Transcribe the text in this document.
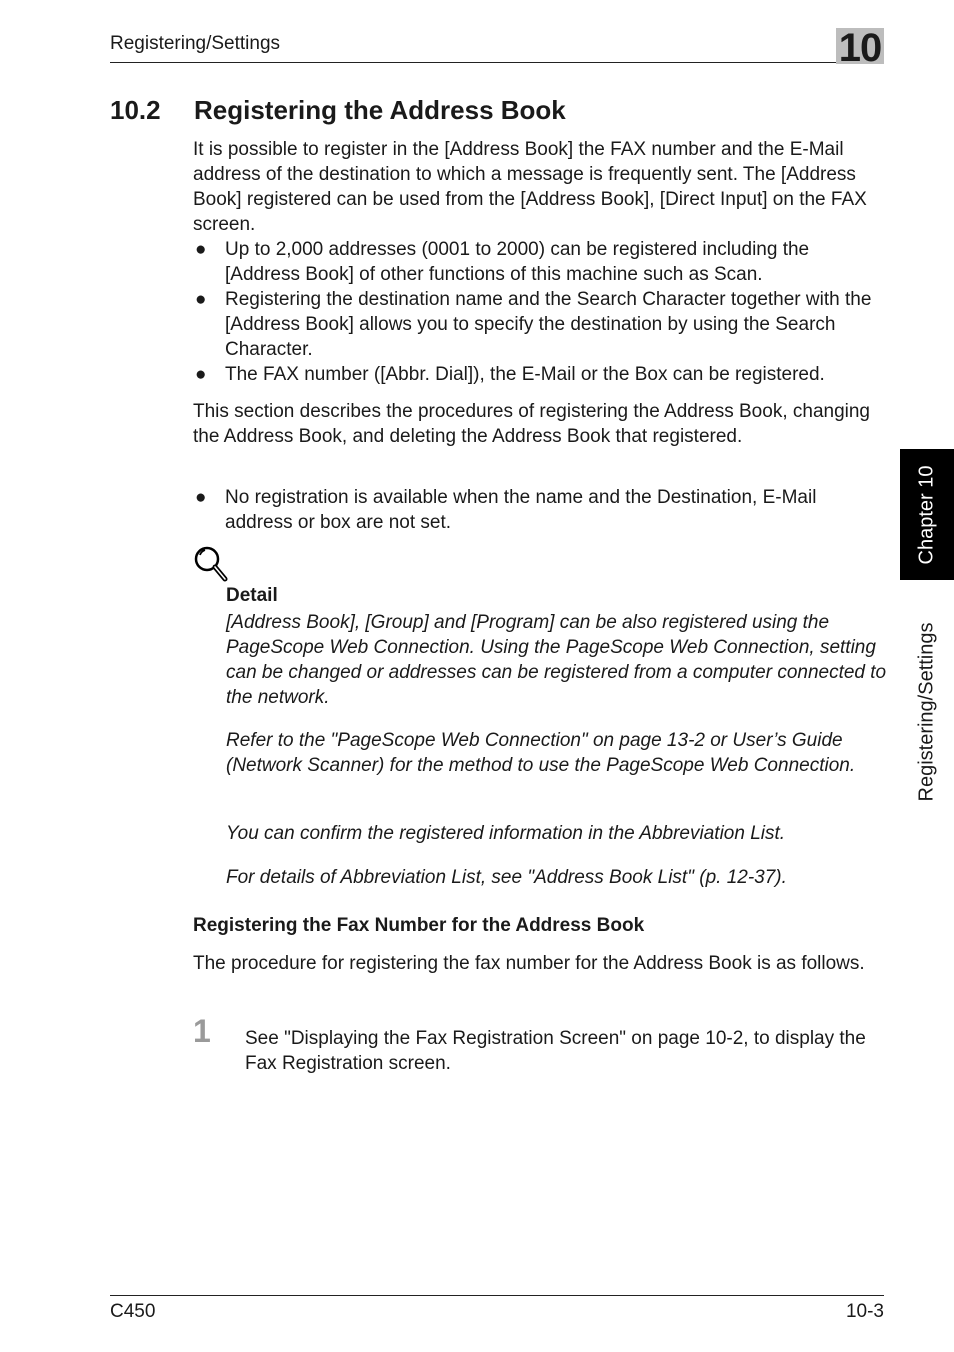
Registering/Settings	10
10.2 Registering the Address Book
It is possible to register in the [Address Book] the FAX number and the E-Mail address of the destination to which a message is frequently sent. The [Address Book] registered can be used from the [Address Book], [Direct Input] on the FAX screen.
● Up to 2,000 addresses (0001 to 2000) can be registered including the [Address Book] of other functions of this machine such as Scan.
● Registering the destination name and the Search Character together with the [Address Book] allows you to specify the destination by using the Search Character.
● The FAX number ([Abbr. Dial]), the E-Mail or the Box can be registered.
This section describes the procedures of registering the Address Book, changing the Address Book, and deleting the Address Book that registered.
● No registration is available when the name and the Destination, E-Mail address or box are not set.
Detail
[Address Book], [Group] and [Program] can be also registered using the PageScope Web Connection. Using the PageScope Web Connection, setting can be changed or addresses can be registered from a computer connected to the network.
Refer to the "PageScope Web Connection" on page 13-2 or User’s Guide (Network Scanner) for the method to use the PageScope Web Connection.
You can confirm the registered information in the Abbreviation List.
For details of Abbreviation List, see "Address Book List" (p. 12-37).
Registering the Fax Number for the Address Book
The procedure for registering the fax number for the Address Book is as follows.
1 See "Displaying the Fax Registration Screen" on page 10-2, to display the Fax Registration screen.
Chapter 10
Registering/Settings
C450	10-3
